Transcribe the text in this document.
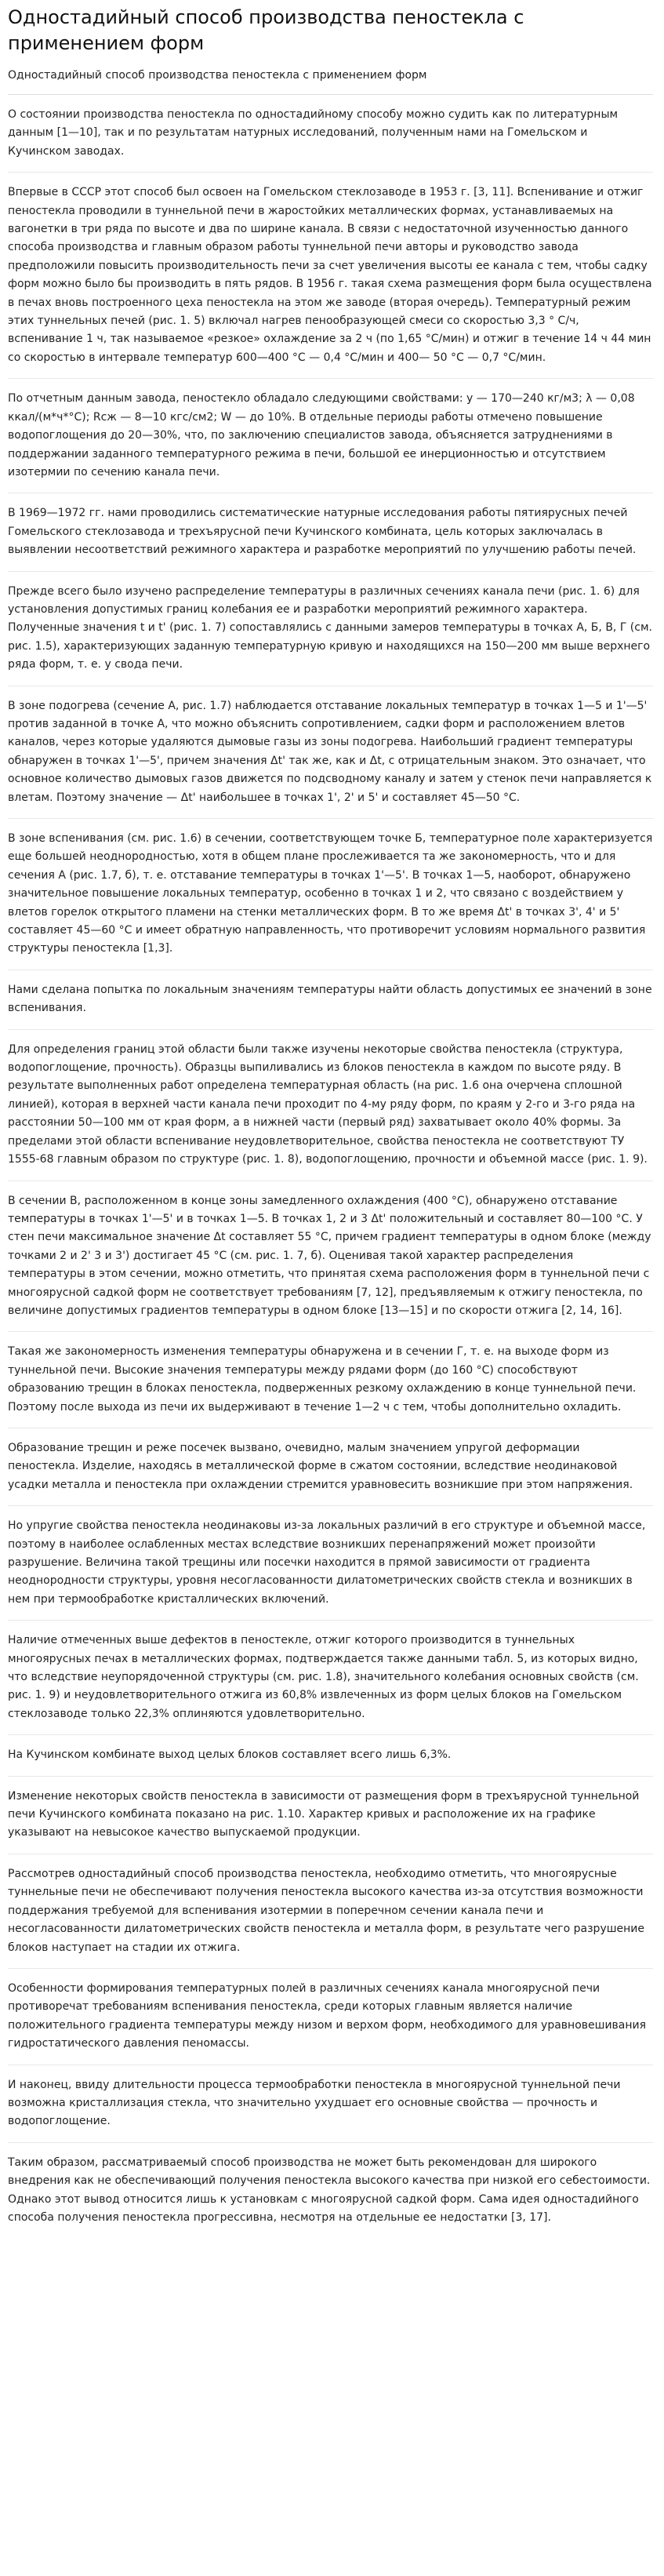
Одностадийный способ производства пеностекла с применением форм

Одностадийный способ производства пеностекла с применением форм

О состоянии производства пеностекла по одностадийному способу можно судить как по литературным данным [1—10], так и по результатам натурных исследований, полученным нами на Гомельском и Кучинском заводах.

Впервые в СССР этот способ был освоен на Гомельском стеклозаводе в 1953 г. [3, 11]. Вспенивание и отжиг пеностекла проводили в туннельной печи в жаростойких металлических формах, устанавливаемых на вагонетки в три ряда по высоте и два по ширине канала. В связи с недостаточной изученностью данного способа производства и главным образом работы туннельной печи авторы и руководство завода предположили повысить производительность печи за счет увеличения высоты ее канала с тем, чтобы садку форм можно было бы производить в пять рядов. В 1956 г. такая схема размещения форм была осуществлена в печах вновь построенного цеха пеностекла на этом же заводе (вторая очередь). Температурный режим этих туннельных печей (рис. 1. 5) включал нагрев пенообразующей смеси со скоростью 3,3 ° С/ч, вспенивание 1 ч, так называемое «резкое» охлаждение за 2 ч (по 1,65 °С/мин) и отжиг в течение 14 ч 44 мин со скоростью в интервале температур 600—400 °С — 0,4 °С/мин и 400— 50 °С — 0,7 °С/мин.

По отчетным данным завода, пеностекло обладало следующими свойствами: у — 170—240 кг/м3; λ — 0,08 ккал/(м*ч*°С); Rсж — 8—10 кгс/см2; W — до 10%. В отдельные периоды работы отмечено повышение водопоглощения до 20—30%, что, по заключению специалистов завода, объясняется затруднениями в поддержании заданного температурного режима в печи, большой ее инерционностью и отсутствием изотермии по сечению канала печи.

В 1969—1972 гг. нами проводились систематические натурные исследования работы пятиярусных печей Гомельского стеклозавода и трехъярусной печи Кучинского комбината, цель которых заключалась в выявлении несоответствий режимного характера и разработке мероприятий по улучшению работы печей.

Прежде всего было изучено распределение температуры в различных сечениях канала печи (рис. 1. 6) для установления допустимых границ колебания ее и разработки мероприятий режимного характера. Полученные значения t и t' (рис. 1. 7) сопоставлялись с данными замеров температуры в точках А, Б, В, Г (см. рис. 1.5), характеризующих заданную температурную кривую и находящихся на 150—200 мм выше верхнего ряда форм, т. е. у свода печи.

В зоне подогрева (сечение А, рис. 1.7) наблюдается отставание локальных температур в точках 1—5 и 1'—5' против заданной в точке А, что можно объяснить сопротивлением, садки форм и расположением влетов каналов, через которые удаляются дымовые газы из зоны подогрева. Наибольший градиент температуры обнаружен в точках 1'—5', причем значения Δt' так же, как и Δt, с отрицательным знаком. Это означает, что основное количество дымовых газов движется по подсводному каналу и затем у стенок печи направляется к влетам. Поэтому значение — Δt' наибольшее в точках 1', 2' и 5' и составляет 45—50 °С.

В зоне вспенивания (см. рис. 1.6) в сечении, соответствующем точке Б, температурное поле характеризуется еще большей неоднородностью, хотя в общем плане прослеживается та же закономерность, что и для сечения А (рис. 1.7, б), т. е. отставание температуры в точках 1'—5'. В точках 1—5, наоборот, обнаружено значительное повышение локальных температур, особенно в точках 1 и 2, что связано с воздействием у влетов горелок открытого пламени на стенки металлических форм. В то же время Δt' в точках 3', 4' и 5' составляет 45—60 °С и имеет обратную направленность, что противоречит условиям нормального развития структуры пеностекла [1,3].

Нами сделана попытка по локальным значениям температуры найти область допустимых ее значений в зоне вспенивания.

Для определения границ этой области были также изучены некоторые свойства пеностекла (структура, водопоглощение, прочность). Образцы выпиливались из блоков пеностекла в каждом по высоте ряду. В результате выполненных работ определена температурная область (на рис. 1.6 она очерчена сплошной линией), которая в верхней части канала печи проходит по 4-му ряду форм, по краям у 2-го и 3-го ряда на расстоянии 50—100 мм от края форм, а в нижней части (первый ряд) захватывает около 40% формы. За пределами этой области вспенивание неудовлетворительное, свойства пеностекла не соответствуют ТУ 1555-68 главным образом по структуре (рис. 1. 8), водопоглощению, прочности и объемной массе (рис. 1. 9).

В сечении В, расположенном в конце зоны замедленного охлаждения (400 °С), обнаружено отставание температуры в точках 1'—5' и в точках 1—5. В точках 1, 2 и 3 Δt' положительный и составляет 80—100 °С. У стен печи максимальное значение Δt составляет 55 °С, причем градиент температуры в одном блоке (между точками 2 и 2' 3 и 3') достигает 45 °С (см. рис. 1. 7, б). Оценивая такой характер распределения температуры в этом сечении, можно отметить, что принятая схема расположения форм в туннельной печи с многоярусной садкой форм не соответствует требованиям [7, 12], предъявляемым к отжигу пеностекла, по величине допустимых градиентов температуры в одном блоке [13—15] и по скорости отжига [2, 14, 16].

Такая же закономерность изменения температуры обнаружена и в сечении Г, т. е. на выходе форм из туннельной печи. Высокие значения температуры между рядами форм (до 160 °С) способствуют образованию трещин в блоках пеностекла, подверженных резкому охлаждению в конце туннельной печи. Поэтому после выхода из печи их выдерживают в течение 1—2 ч с тем, чтобы дополнительно охладить.

Образование трещин и реже посечек вызвано, очевидно, малым значением упругой деформации пеностекла. Изделие, находясь в металлической форме в сжатом состоянии, вследствие неодинаковой усадки металла и пеностекла при охлаждении стремится уравновесить возникшие при этом напряжения.

Но упругие свойства пеностекла неодинаковы из-за локальных различий в его структуре и объемной массе, поэтому в наиболее ослабленных местах вследствие возникших перенапряжений может произойти разрушение. Величина такой трещины или посечки находится в прямой зависимости от градиента неоднородности структуры, уровня несогласованности дилатометрических свойств стекла и возникших в нем при термообработке кристаллических включений.

Наличие отмеченных выше дефектов в пеностекле, отжиг которого производится в туннельных многоярусных печах в металлических формах, подтверждается также данными табл. 5, из которых видно, что вследствие неупорядоченной структуры (см. рис. 1.8), значительного колебания основных свойств (см. рис. 1. 9) и неудовлетворительного отжига из 60,8% извлеченных из форм целых блоков на Гомельском стеклозаводе только 22,3% оплиняются удовлетворительно.

На Кучинском комбинате выход целых блоков составляет всего лишь 6,3%.

Изменение некоторых свойств пеностекла в зависимости от размещения форм в трехъярусной туннельной печи Кучинского комбината показано на рис. 1.10. Характер кривых и расположение их на графике указывают на невысокое качество выпускаемой продукции.

Рассмотрев одностадийный способ производства пеностекла, необходимо отметить, что многоярусные туннельные печи не обеспечивают получения пеностекла высокого качества из-за отсутствия возможности поддержания требуемой для вспенивания изотермии в поперечном сечении канала печи и несогласованности дилатометрических свойств пеностекла и металла форм, в результате чего разрушение блоков наступает на стадии их отжига.

Особенности формирования температурных полей в различных сечениях канала многоярусной печи противоречат требованиям вспенивания пеностекла, среди которых главным является наличие положительного градиента температуры между низом и верхом форм, необходимого для уравновешивания гидростатического давления пеномассы.

И наконец, ввиду длительности процесса термообработки пеностекла в многоярусной туннельной печи возможна кристаллизация стекла, что значительно ухудшает его основные свойства — прочность и водопоглощение.

Таким образом, рассматриваемый способ производства не может быть рекомендован для широкого внедрения как не обеспечивающий получения пеностекла высокого качества при низкой его себестоимости. Однако этот вывод относится лишь к установкам с многоярусной садкой форм. Сама идея одностадийного способа получения пеностекла прогрессивна, несмотря на отдельные ее недостатки [3, 17].
